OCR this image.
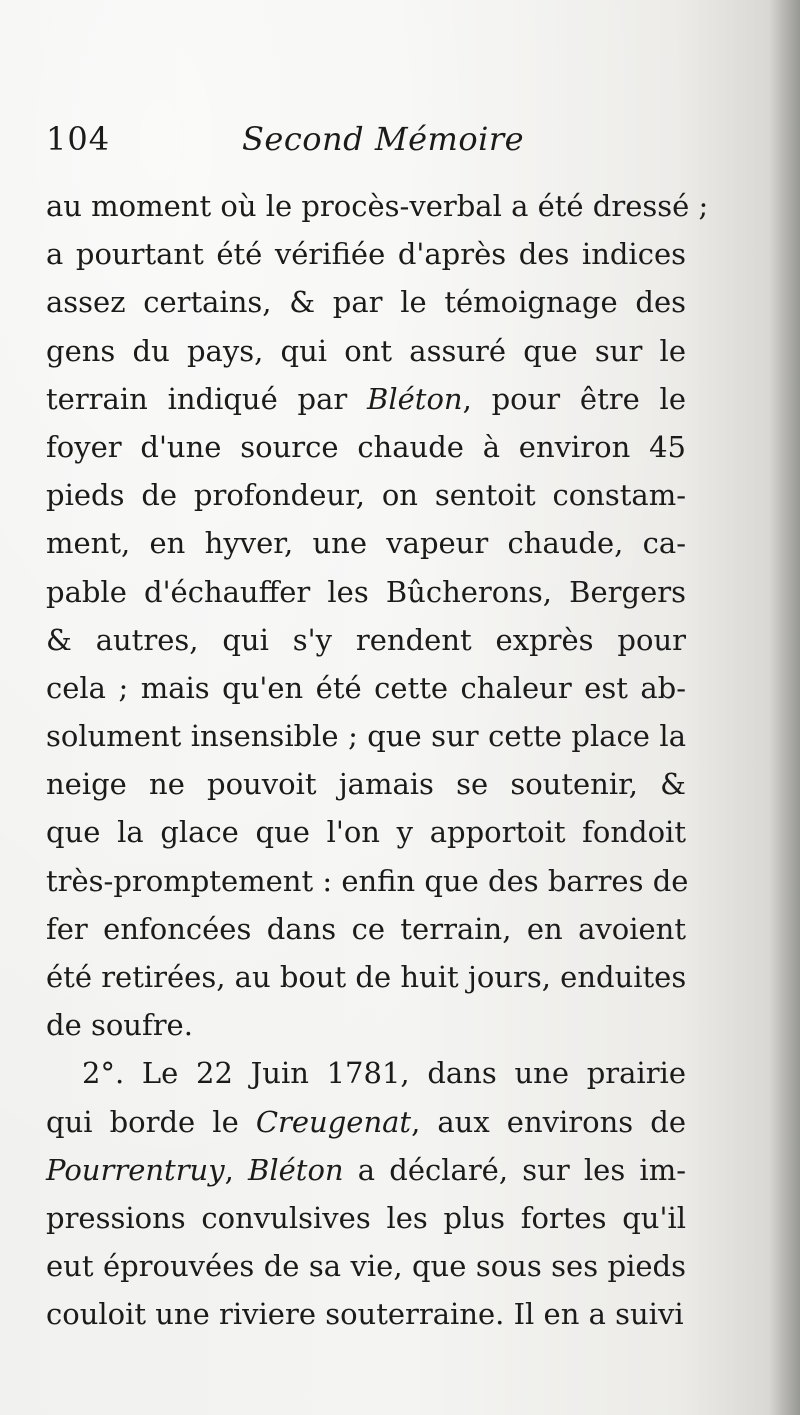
104	Second Mémoire
au moment où le procès-verbal a été dressé ;
a pourtant été vérifiée d'après des indices
assez certains, & par le témoignage des
gens du pays, qui ont assuré que sur le
terrain indiqué par Bléton, pour être le
foyer d'une source chaude à environ 45
pieds de profondeur, on sentoit constam-
ment, en hyver, une vapeur chaude, ca-
pable d'échauffer les Bûcherons, Bergers
& autres, qui s'y rendent exprès pour
cela ; mais qu'en été cette chaleur est ab-
solument insensible ; que sur cette place la
neige ne pouvoit jamais se soutenir, &
que la glace que l'on y apportoit fondoit
très-promptement : enfin que des barres de
fer enfoncées dans ce terrain, en avoient
été retirées, au bout de huit jours, enduites
de soufre.
2°. Le 22 Juin 1781, dans une prairie
qui borde le Creugenat, aux environs de
Pourrentruy, Bléton a déclaré, sur les im-
pressions convulsives les plus fortes qu'il
eut éprouvées de sa vie, que sous ses pieds
couloit une riviere souterraine. Il en a suivi
